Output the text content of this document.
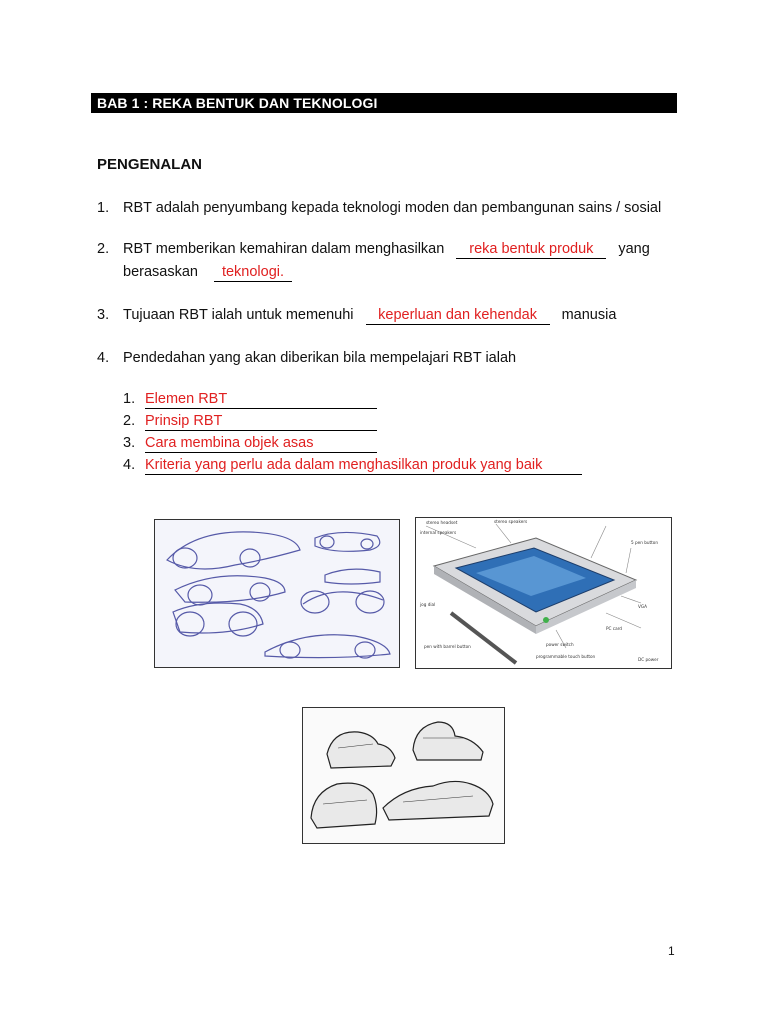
BAB 1 : REKA BENTUK DAN TEKNOLOGI
PENGENALAN
1. RBT adalah penyumbang kepada teknologi moden dan pembangunan sains / sosial
2. RBT memberikan kemahiran dalam menghasilkan reka bentuk produk yang
berasaskan teknologi.
3. Tujuaan RBT ialah untuk memenuhi keperluan dan kehendak manusia
4. Pendedahan yang akan diberikan bila mempelajari RBT ialah
1. Elemen RBT
2. Prinsip RBT
3. Cara membina objek asas
4. Kriteria yang perlu ada dalam menghasilkan produk yang baik
stereo headset	stereo speakers
internal speakers
5 pen button
VGA
PC card
power switch
programmable touch button
pen with barrel button
jog dial
DC power
1
